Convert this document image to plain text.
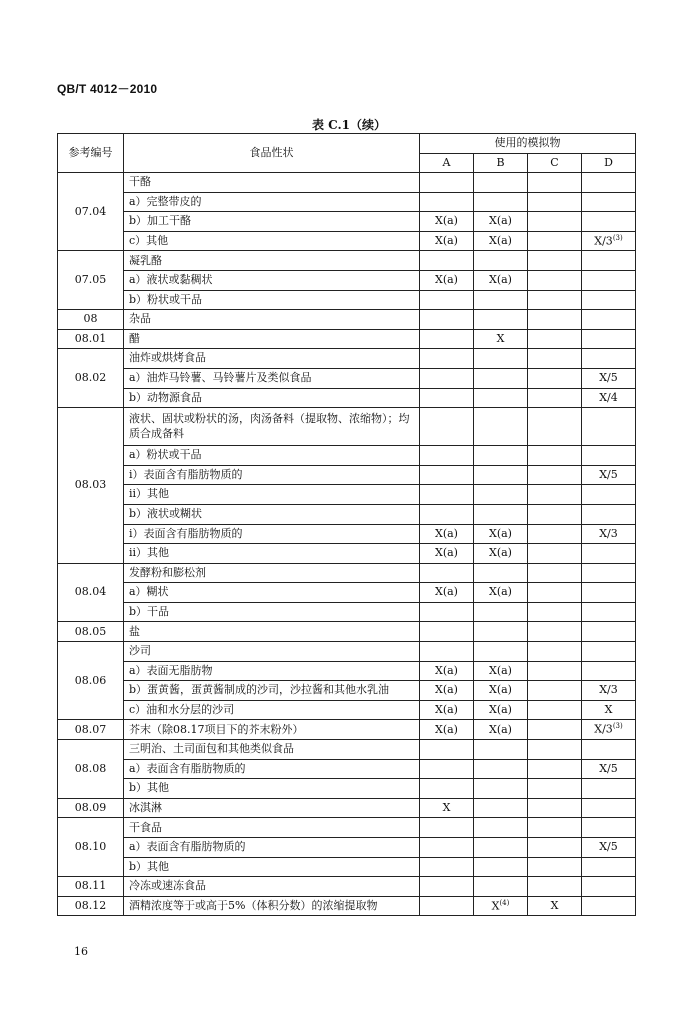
QB/T 4012－2010
表 C.1（续）
参考编号	食品性状	使用的模拟物			
		A	B	C	D
07.04	干酪				
	a）完整带皮的				
	b）加工干酪	X(a)	X(a)		
	c）其他	X(a)	X(a)		X/3$^{(3)}$
07.05	凝乳酪				
	a）液状或黏稠状	X(a)	X(a)		
	b）粉状或干品				
08	杂品				
08.01	醋		X		
08.02	油炸或烘烤食品				
	a）油炸马铃薯、马铃薯片及类似食品				X/5
	b）动物源食品				X/4
08.03	液状、固状或粉状的汤，肉汤备料（提取物、浓缩物）；均质合成备料				
	a）粉状或干品				
	i）表面含有脂肪物质的				X/5
	ii）其他				
	b）液状或糊状				
	i）表面含有脂肪物质的	X(a)	X(a)		X/3
	ii）其他	X(a)	X(a)		
08.04	发酵粉和膨松剂				
	a）糊状	X(a)	X(a)		
	b）干品				
08.05	盐				
08.06	沙司				
	a）表面无脂肪物	X(a)	X(a)		
	b）蛋黄酱，蛋黄酱制成的沙司，沙拉酱和其他水乳油	X(a)	X(a)		X/3
	c）油和水分层的沙司	X(a)	X(a)		X
08.07	芥末（除08.17项目下的芥末粉外）	X(a)	X(a)		X/3$^{(3)}$
08.08	三明治、土司面包和其他类似食品				
	a）表面含有脂肪物质的				X/5
	b）其他				
08.09	冰淇淋	X			
08.10	干食品				
	a）表面含有脂肪物质的				X/5
	b）其他				
08.11	冷冻或速冻食品				
08.12	酒精浓度等于或高于5%（体积分数）的浓缩提取物		$X^{(4)}$	X	
16
